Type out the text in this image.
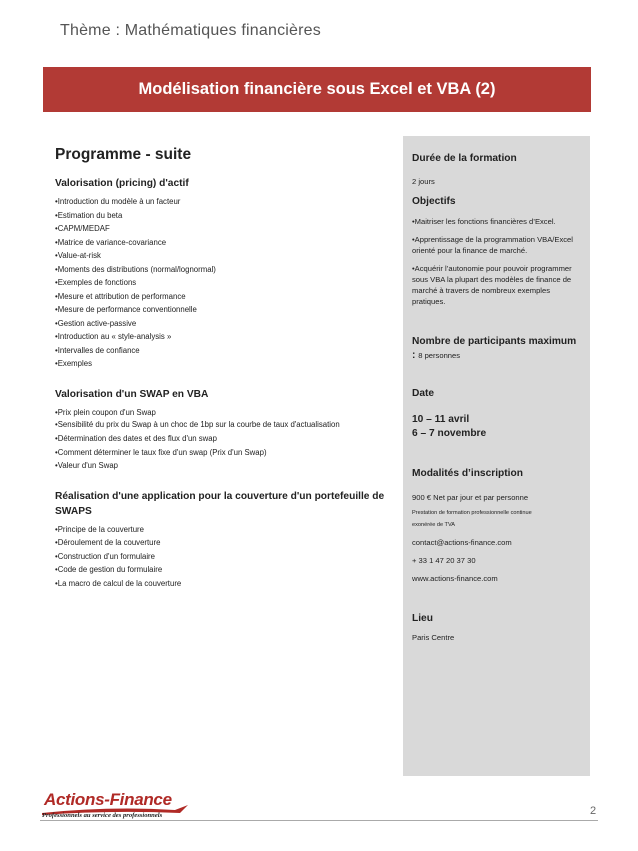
Thème : Mathématiques financières
Modélisation financière sous Excel et VBA (2)
Programme - suite
Valorisation (pricing) d'actif
•Introduction du modèle à un facteur
•Estimation du beta
•CAPM/MEDAF
•Matrice de variance-covariance
•Value-at-risk
•Moments des distributions (normal/lognormal)
•Exemples de fonctions
•Mesure et attribution de performance
•Mesure de performance conventionnelle
•Gestion active-passive
•Introduction au « style-analysis »
•Intervalles de confiance
•Exemples
Valorisation d'un SWAP en VBA
•Prix plein coupon d'un Swap
•Sensibilité du prix du Swap à un choc de 1bp sur la courbe de taux d'actualisation
•Détermination des dates et des flux d'un swap
•Comment déterminer le taux fixe d'un swap (Prix d'un Swap)
•Valeur d'un Swap
Réalisation d'une application pour la couverture d'un portefeuille de SWAPS
•Principe de la couverture
•Déroulement de la couverture
•Construction d'un formulaire
•Code de gestion du formulaire
•La macro de calcul de la couverture
Durée de la formation

2 jours

Objectifs

•Maitriser les fonctions financières d’Excel.

•Apprentissage de la programmation VBA/Excel orienté pour la finance de marché.

•Acquérir l’autonomie pour pouvoir programmer sous VBA la plupart des modèles de finance de marché à travers de nombreux exemples pratiques.

Nombre de participants maximum : 8 personnes
Date
10 – 11 avril
6 – 7 novembre
Modalités d’inscription

900 € Net par jour et par personne

Prestation de formation professionnelle continue

exonérée de TVA

contact@actions-finance.com

+ 33 1 47 20 37 30

www.actions-finance.com

Lieu

Paris Centre

Actions-Finance
Professionnels au service des professionnels	2
